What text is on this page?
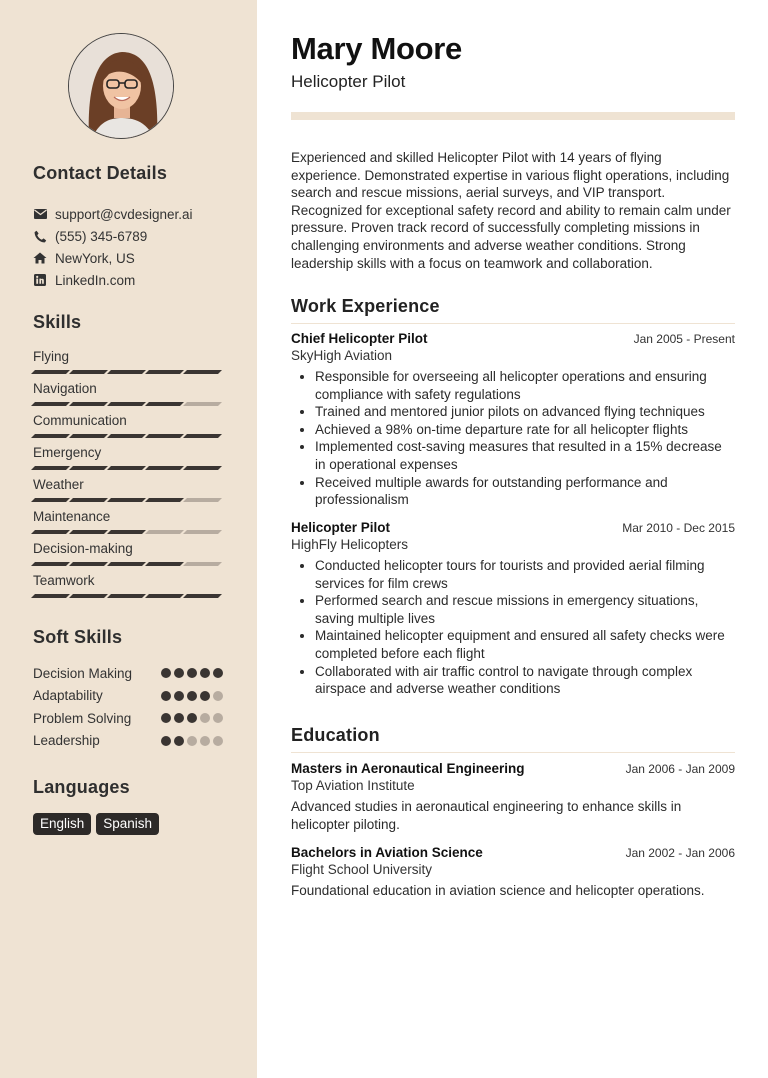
Contact Details
support@cvdesigner.ai
(555) 345-6789
NewYork, US
LinkedIn.com
Skills
Flying
Navigation
Communication
Emergency
Weather
Maintenance
Decision-making
Teamwork
Soft Skills
Decision Making
Adaptability
Problem Solving
Leadership
Languages
English	Spanish
Mary Moore

Helicopter Pilot

Experienced and skilled Helicopter Pilot with 14 years of flying experience. Demonstrated expertise in various flight operations, including search and rescue missions, aerial surveys, and VIP transport. Recognized for exceptional safety record and ability to remain calm under pressure. Proven track record of successfully completing missions in challenging environments and adverse weather conditions. Strong leadership skills with a focus on teamwork and collaboration.

Work Experience
Chief Helicopter Pilot	Jan 2005 - Present
SkyHigh Aviation
• Responsible for overseeing all helicopter operations and ensuring compliance with safety regulations
• Trained and mentored junior pilots on advanced flying techniques
• Achieved a 98% on-time departure rate for all helicopter flights
• Implemented cost-saving measures that resulted in a 15% decrease in operational expenses
• Received multiple awards for outstanding performance and professionalism
Helicopter Pilot	Mar 2010 - Dec 2015
HighFly Helicopters
• Conducted helicopter tours for tourists and provided aerial filming services for film crews
• Performed search and rescue missions in emergency situations, saving multiple lives
• Maintained helicopter equipment and ensured all safety checks were completed before each flight
• Collaborated with air traffic control to navigate through complex airspace and adverse weather conditions
Education
Masters in Aeronautical Engineering	Jan 2006 - Jan 2009
Top Aviation Institute

Advanced studies in aeronautical engineering to enhance skills in helicopter piloting.

Bachelors in Aviation Science	Jan 2002 - Jan 2006
Flight School University

Foundational education in aviation science and helicopter operations.
